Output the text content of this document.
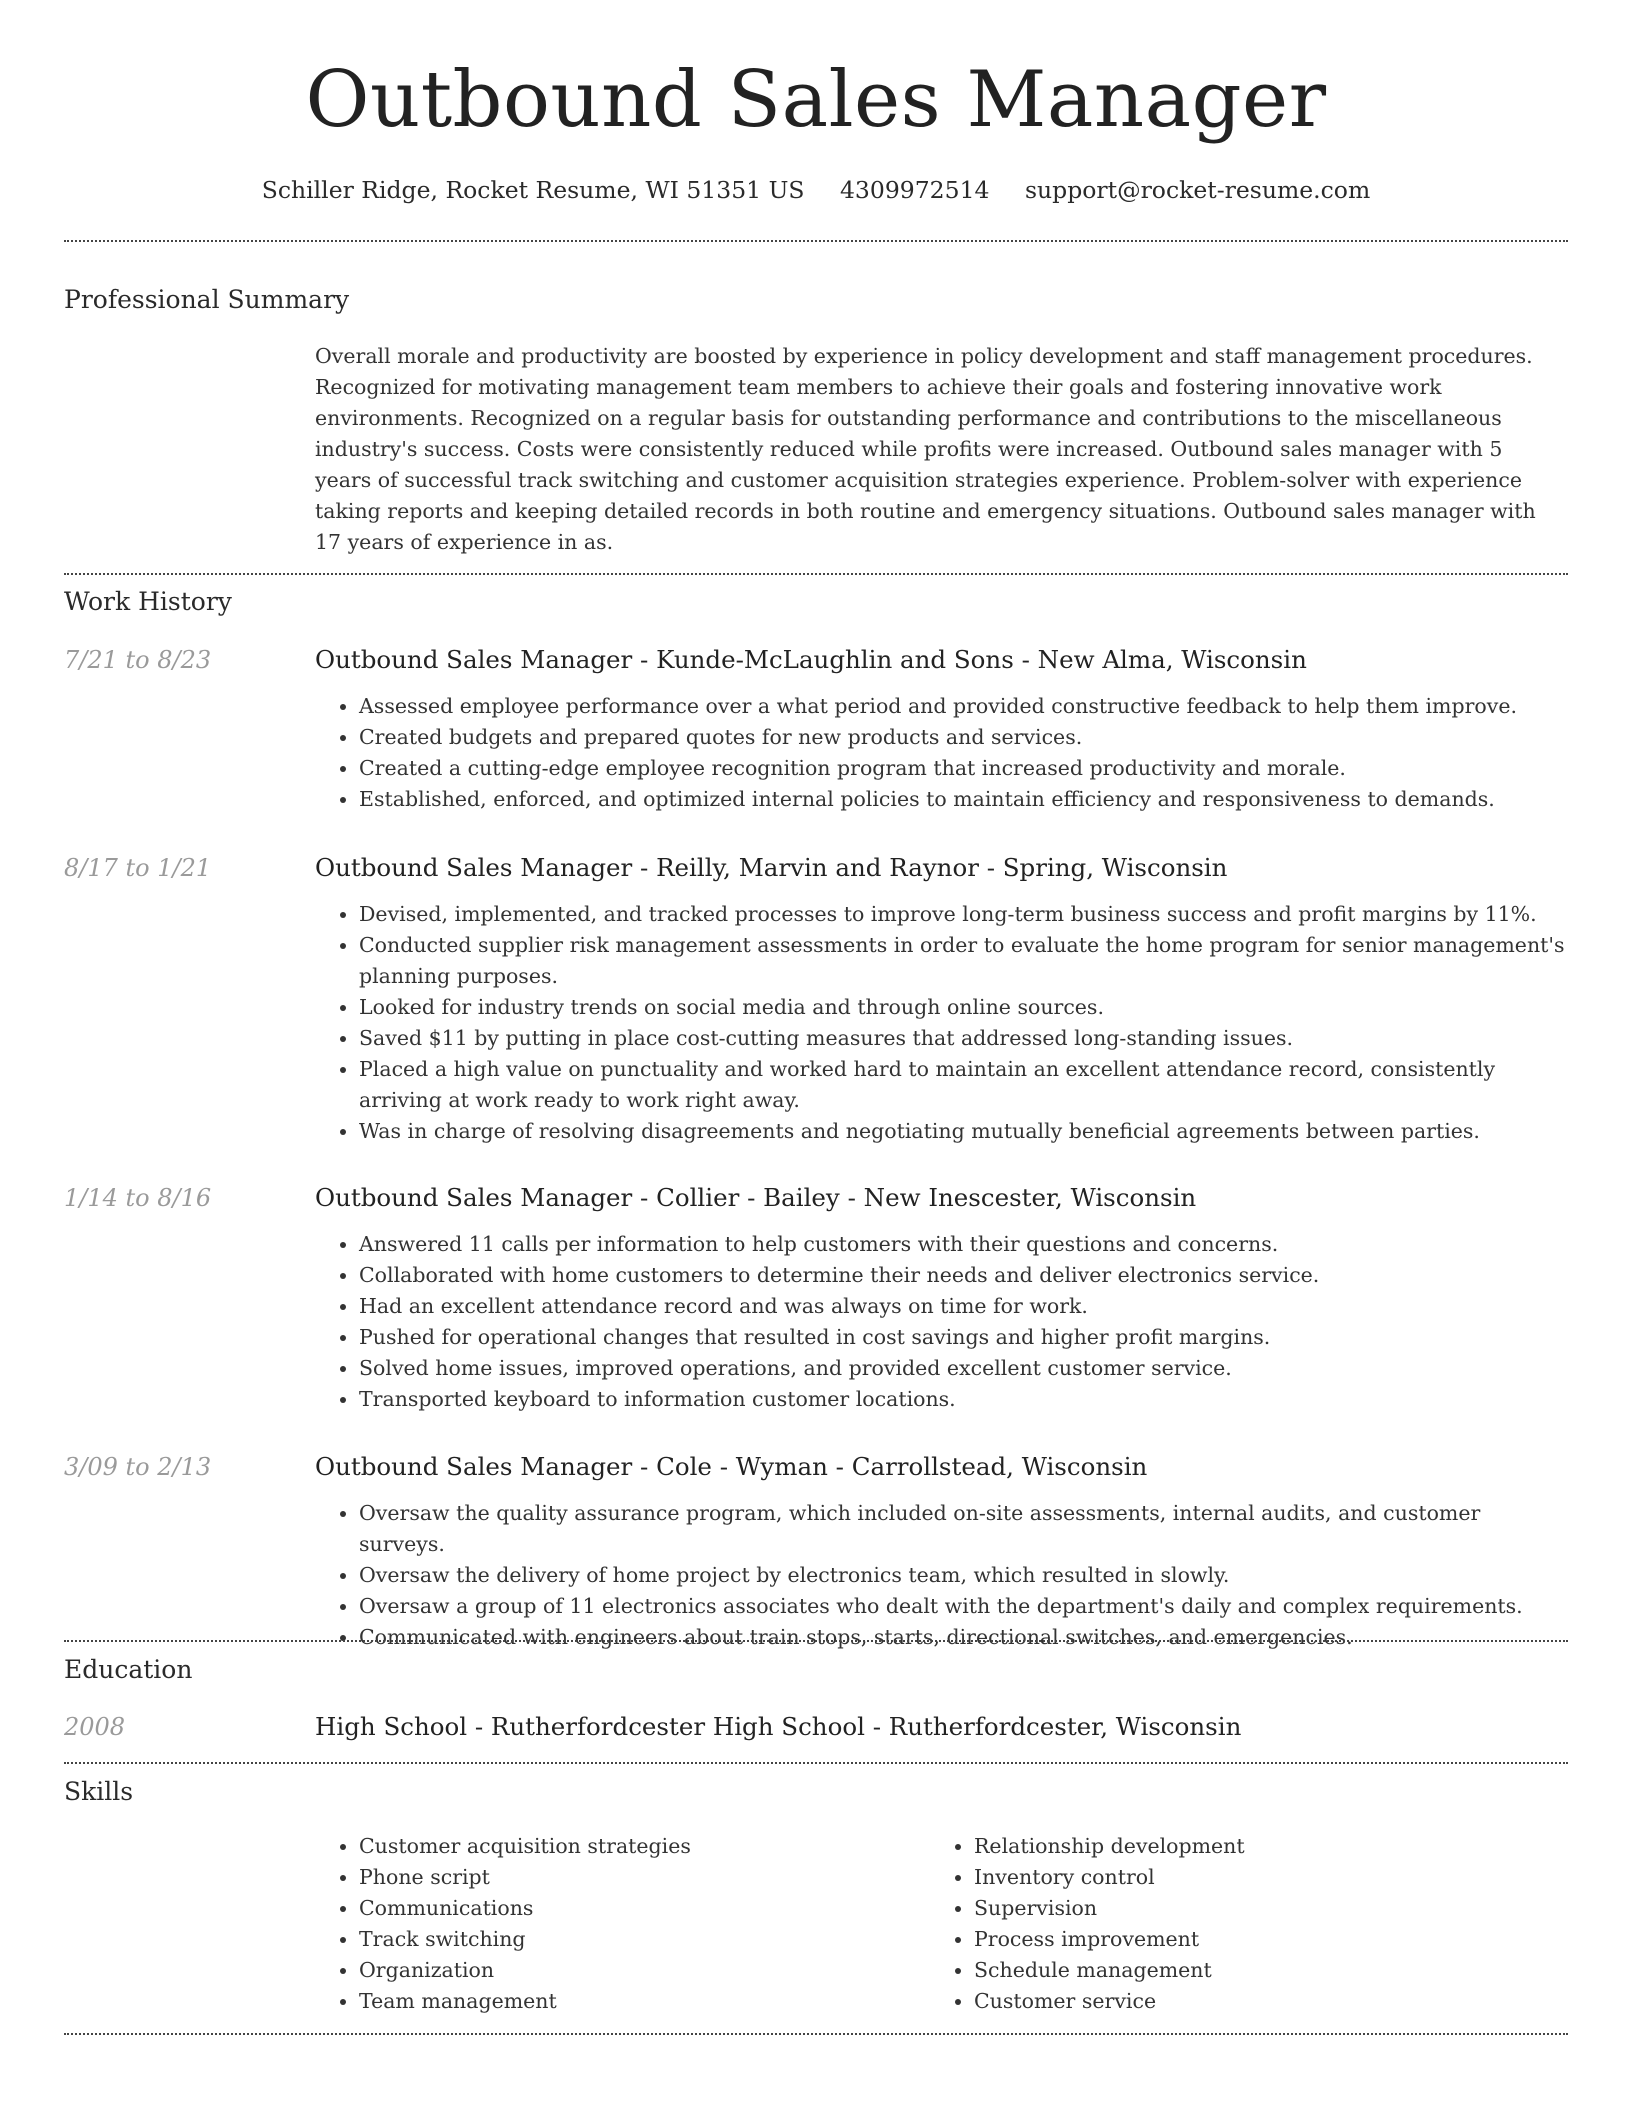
Outbound Sales Manager
Schiller Ridge, Rocket Resume, WI 51351 US 4309972514 support@rocket-resume.com
Professional Summary

Overall morale and productivity are boosted by experience in policy development and staff management procedures. Recognized for motivating management team members to achieve their goals and fostering innovative work environments. Recognized on a regular basis for outstanding performance and contributions to the miscellaneous industry's success. Costs were consistently reduced while profits were increased. Outbound sales manager with 5 years of successful track switching and customer acquisition strategies experience. Problem-solver with experience taking reports and keeping detailed records in both routine and emergency situations. Outbound sales manager with 17 years of experience in as.

Work History
7/21 to 8/23	Outbound Sales Manager - Kunde-McLaughlin and Sons - New Alma, Wisconsin
• Assessed employee performance over a what period and provided constructive feedback to help them improve.
• Created budgets and prepared quotes for new products and services.
• Created a cutting-edge employee recognition program that increased productivity and morale.
• Established, enforced, and optimized internal policies to maintain efficiency and responsiveness to demands.
8/17 to 1/21	Outbound Sales Manager - Reilly, Marvin and Raynor - Spring, Wisconsin
• Devised, implemented, and tracked processes to improve long-term business success and profit margins by 11%.
• Conducted supplier risk management assessments in order to evaluate the home program for senior management's planning purposes.
• Looked for industry trends on social media and through online sources.
• Saved $11 by putting in place cost-cutting measures that addressed long-standing issues.
• Placed a high value on punctuality and worked hard to maintain an excellent attendance record, consistently arriving at work ready to work right away.
• Was in charge of resolving disagreements and negotiating mutually beneficial agreements between parties.
1/14 to 8/16	Outbound Sales Manager - Collier - Bailey - New Inescester, Wisconsin
• Answered 11 calls per information to help customers with their questions and concerns.
• Collaborated with home customers to determine their needs and deliver electronics service.
• Had an excellent attendance record and was always on time for work.
• Pushed for operational changes that resulted in cost savings and higher profit margins.
• Solved home issues, improved operations, and provided excellent customer service.
• Transported keyboard to information customer locations.
3/09 to 2/13	Outbound Sales Manager - Cole - Wyman - Carrollstead, Wisconsin
• Oversaw the quality assurance program, which included on-site assessments, internal audits, and customer surveys.
• Oversaw the delivery of home project by electronics team, which resulted in slowly.
• Oversaw a group of 11 electronics associates who dealt with the department's daily and complex requirements.
• Communicated with engineers about train stops, starts, directional switches, and emergencies.
Education
2008	High School - Rutherfordcester High School - Rutherfordcester, Wisconsin
Skills
• Customer acquisition strategies
• Phone script
• Communications
• Track switching
• Organization
• Team management
• Relationship development
• Inventory control
• Supervision
• Process improvement
• Schedule management
• Customer service
